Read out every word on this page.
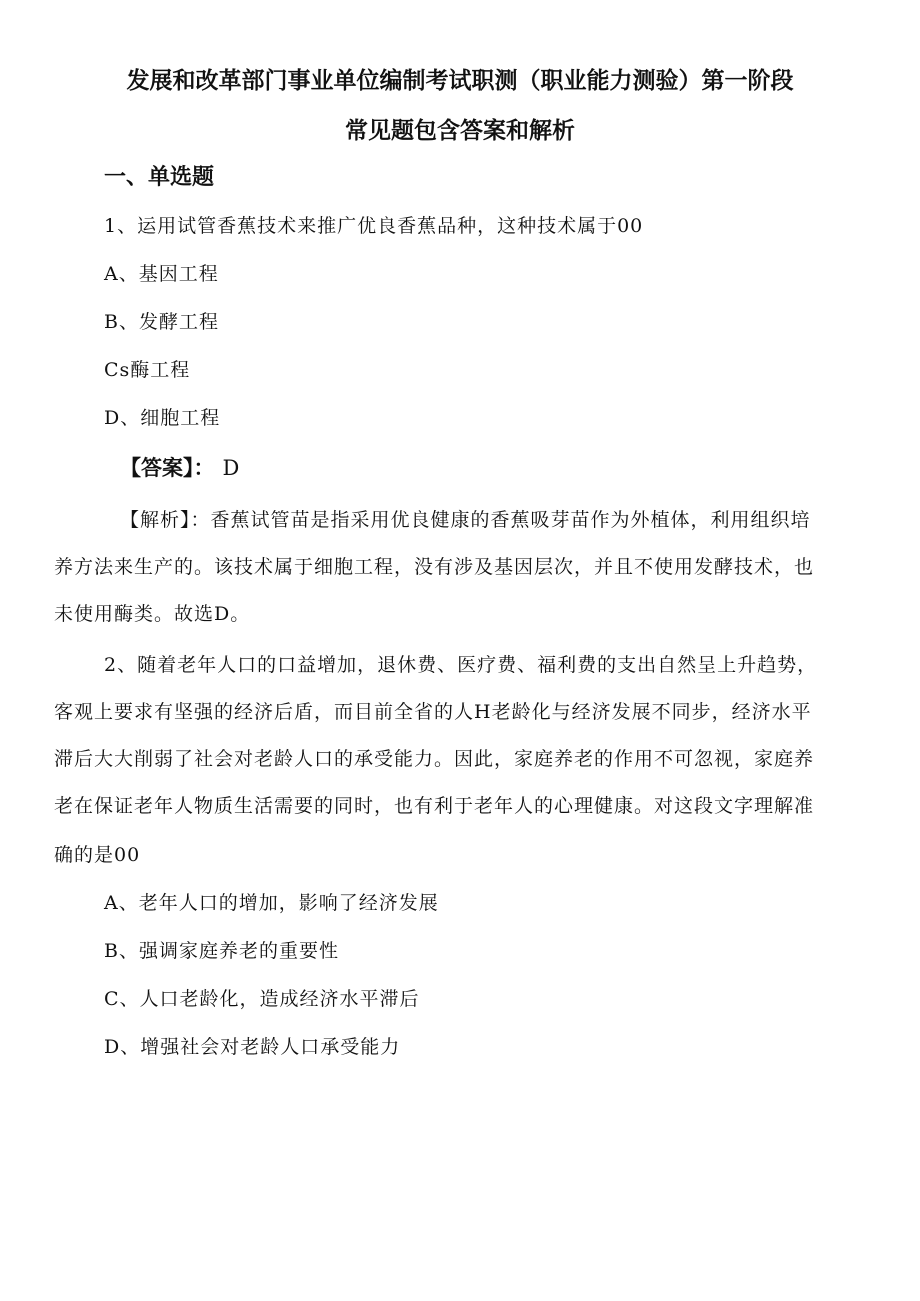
发展和改革部门事业单位编制考试职测（职业能力测验）第一阶段
常见题包含答案和解析
一、单选题
1、运用试管香蕉技术来推广优良香蕉品种，这种技术属于00
A、基因工程
B、发酵工程
Cs酶工程
D、细胞工程
【答案】： D
【解析】：香蕉试管苗是指采用优良健康的香蕉吸芽苗作为外植体，利用组织培
养方法来生产的。该技术属于细胞工程，没有涉及基因层次，并且不使用发酵技术，也
未使用酶类。故选D。
2、随着老年人口的口益增加，退休费、医疗费、福利费的支出自然呈上升趋势，
客观上要求有坚强的经济后盾，而目前全省的人H老龄化与经济发展不同步，经济水平
滞后大大削弱了社会对老龄人口的承受能力。因此，家庭养老的作用不可忽视，家庭养
老在保证老年人物质生活需要的同时，也有利于老年人的心理健康。对这段文字理解准
确的是00
A、老年人口的增加，影响了经济发展
B、强调家庭养老的重要性
C、人口老龄化，造成经济水平滞后
D、增强社会对老龄人口承受能力
